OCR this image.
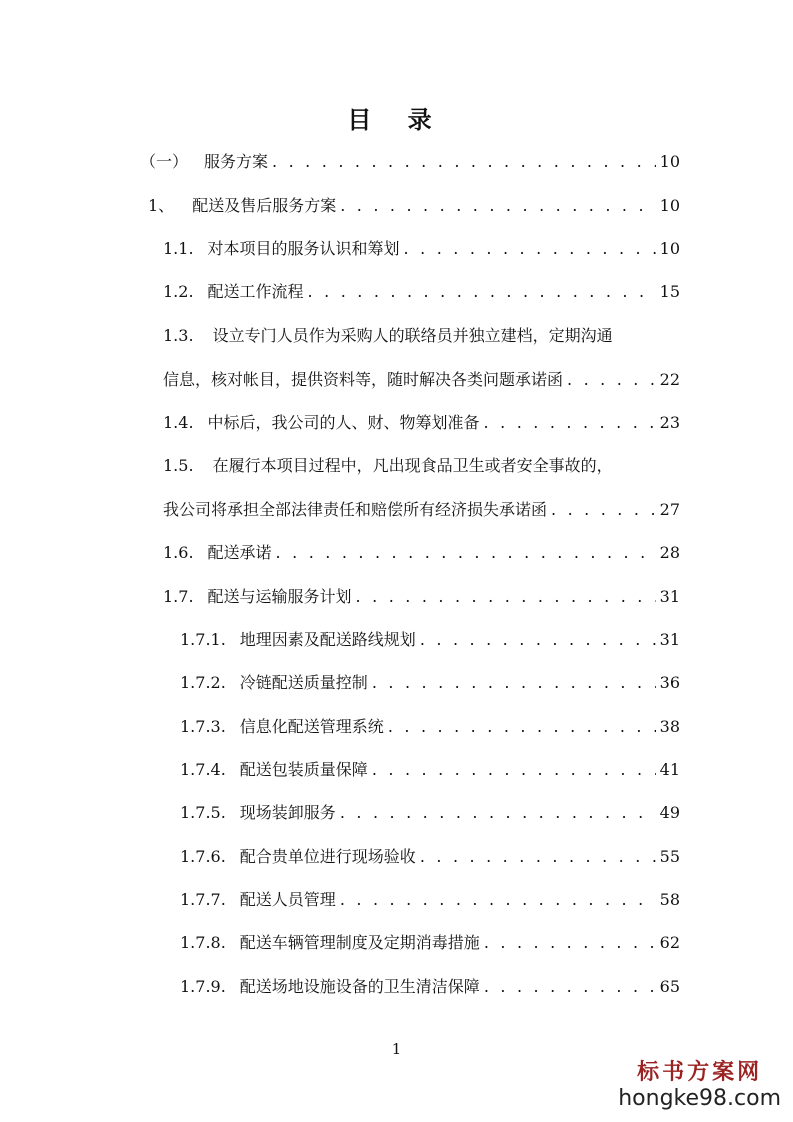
目 录
（一） 服务方案 . . .	10
1、 配送及售后服务方案 . . .	10
1.1. 对本项目的服务认识和筹划 . . .	10
1.2. 配送工作流程 . . .	15
1.3. 设立专门人员作为采购人的联络员并独立建档，定期沟通
信息，核对帐目，提供资料等，随时解决各类问题承诺函 . . .	22
1.4. 中标后，我公司的人、财、物筹划准备 . . .	23
1.5. 在履行本项目过程中，凡出现食品卫生或者安全事故的，
我公司将承担全部法律责任和赔偿所有经济损失承诺函 . . .	27
1.6. 配送承诺 . . .	28
1.7. 配送与运输服务计划 . . .	31
1.7.1. 地理因素及配送路线规划 . . .	31
1.7.2. 冷链配送质量控制 . . .	36
1.7.3. 信息化配送管理系统 . . .	38
1.7.4. 配送包装质量保障 . . .	41
1.7.5. 现场装卸服务 . . .	49
1.7.6. 配合贵单位进行现场验收 . . .	55
1.7.7. 配送人员管理 . . .	58
1.7.8. 配送车辆管理制度及定期消毒措施 . . .	62
1.7.9. 配送场地设施设备的卫生清洁保障 . . .	65
1
标书方案网
hongke98.com
